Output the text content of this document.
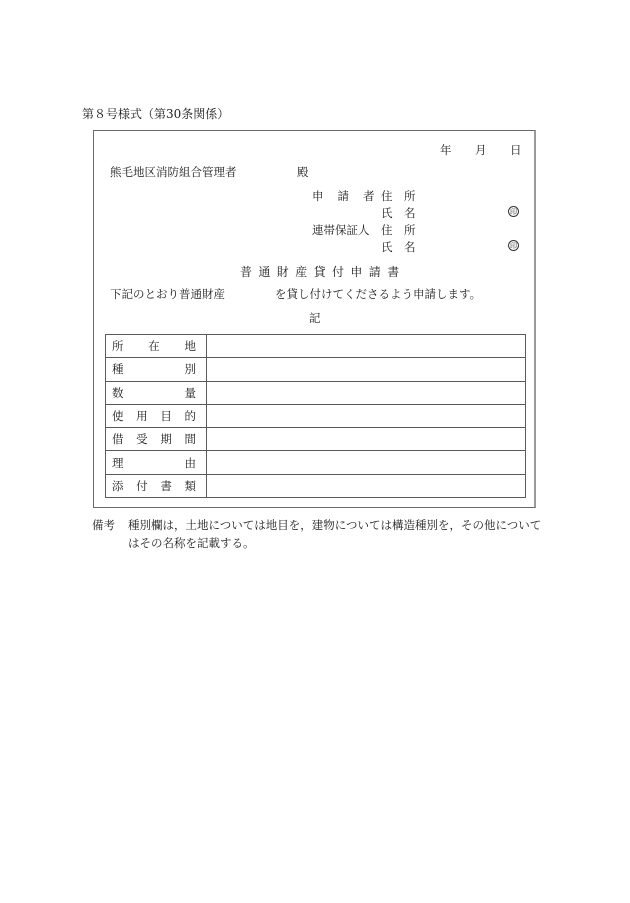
第８号様式（第30条関係）
年 月 日
熊毛地区消防組合管理者	殿
申 請 者 住　所
氏　名	印
連帯保証人 住　所
氏　名	印
普通財産貸付申請書
下記のとおり普通財産	を貸し付けてくださるよう申請します。
記
所 在 地	

種 別	

数 量	

使 用 目 的	

借 受 期 間	

理 由	

添 付 書 類	

備考 種別欄は，土地については地目を，建物については構造種別を，その他について
はその名称を記載する。
